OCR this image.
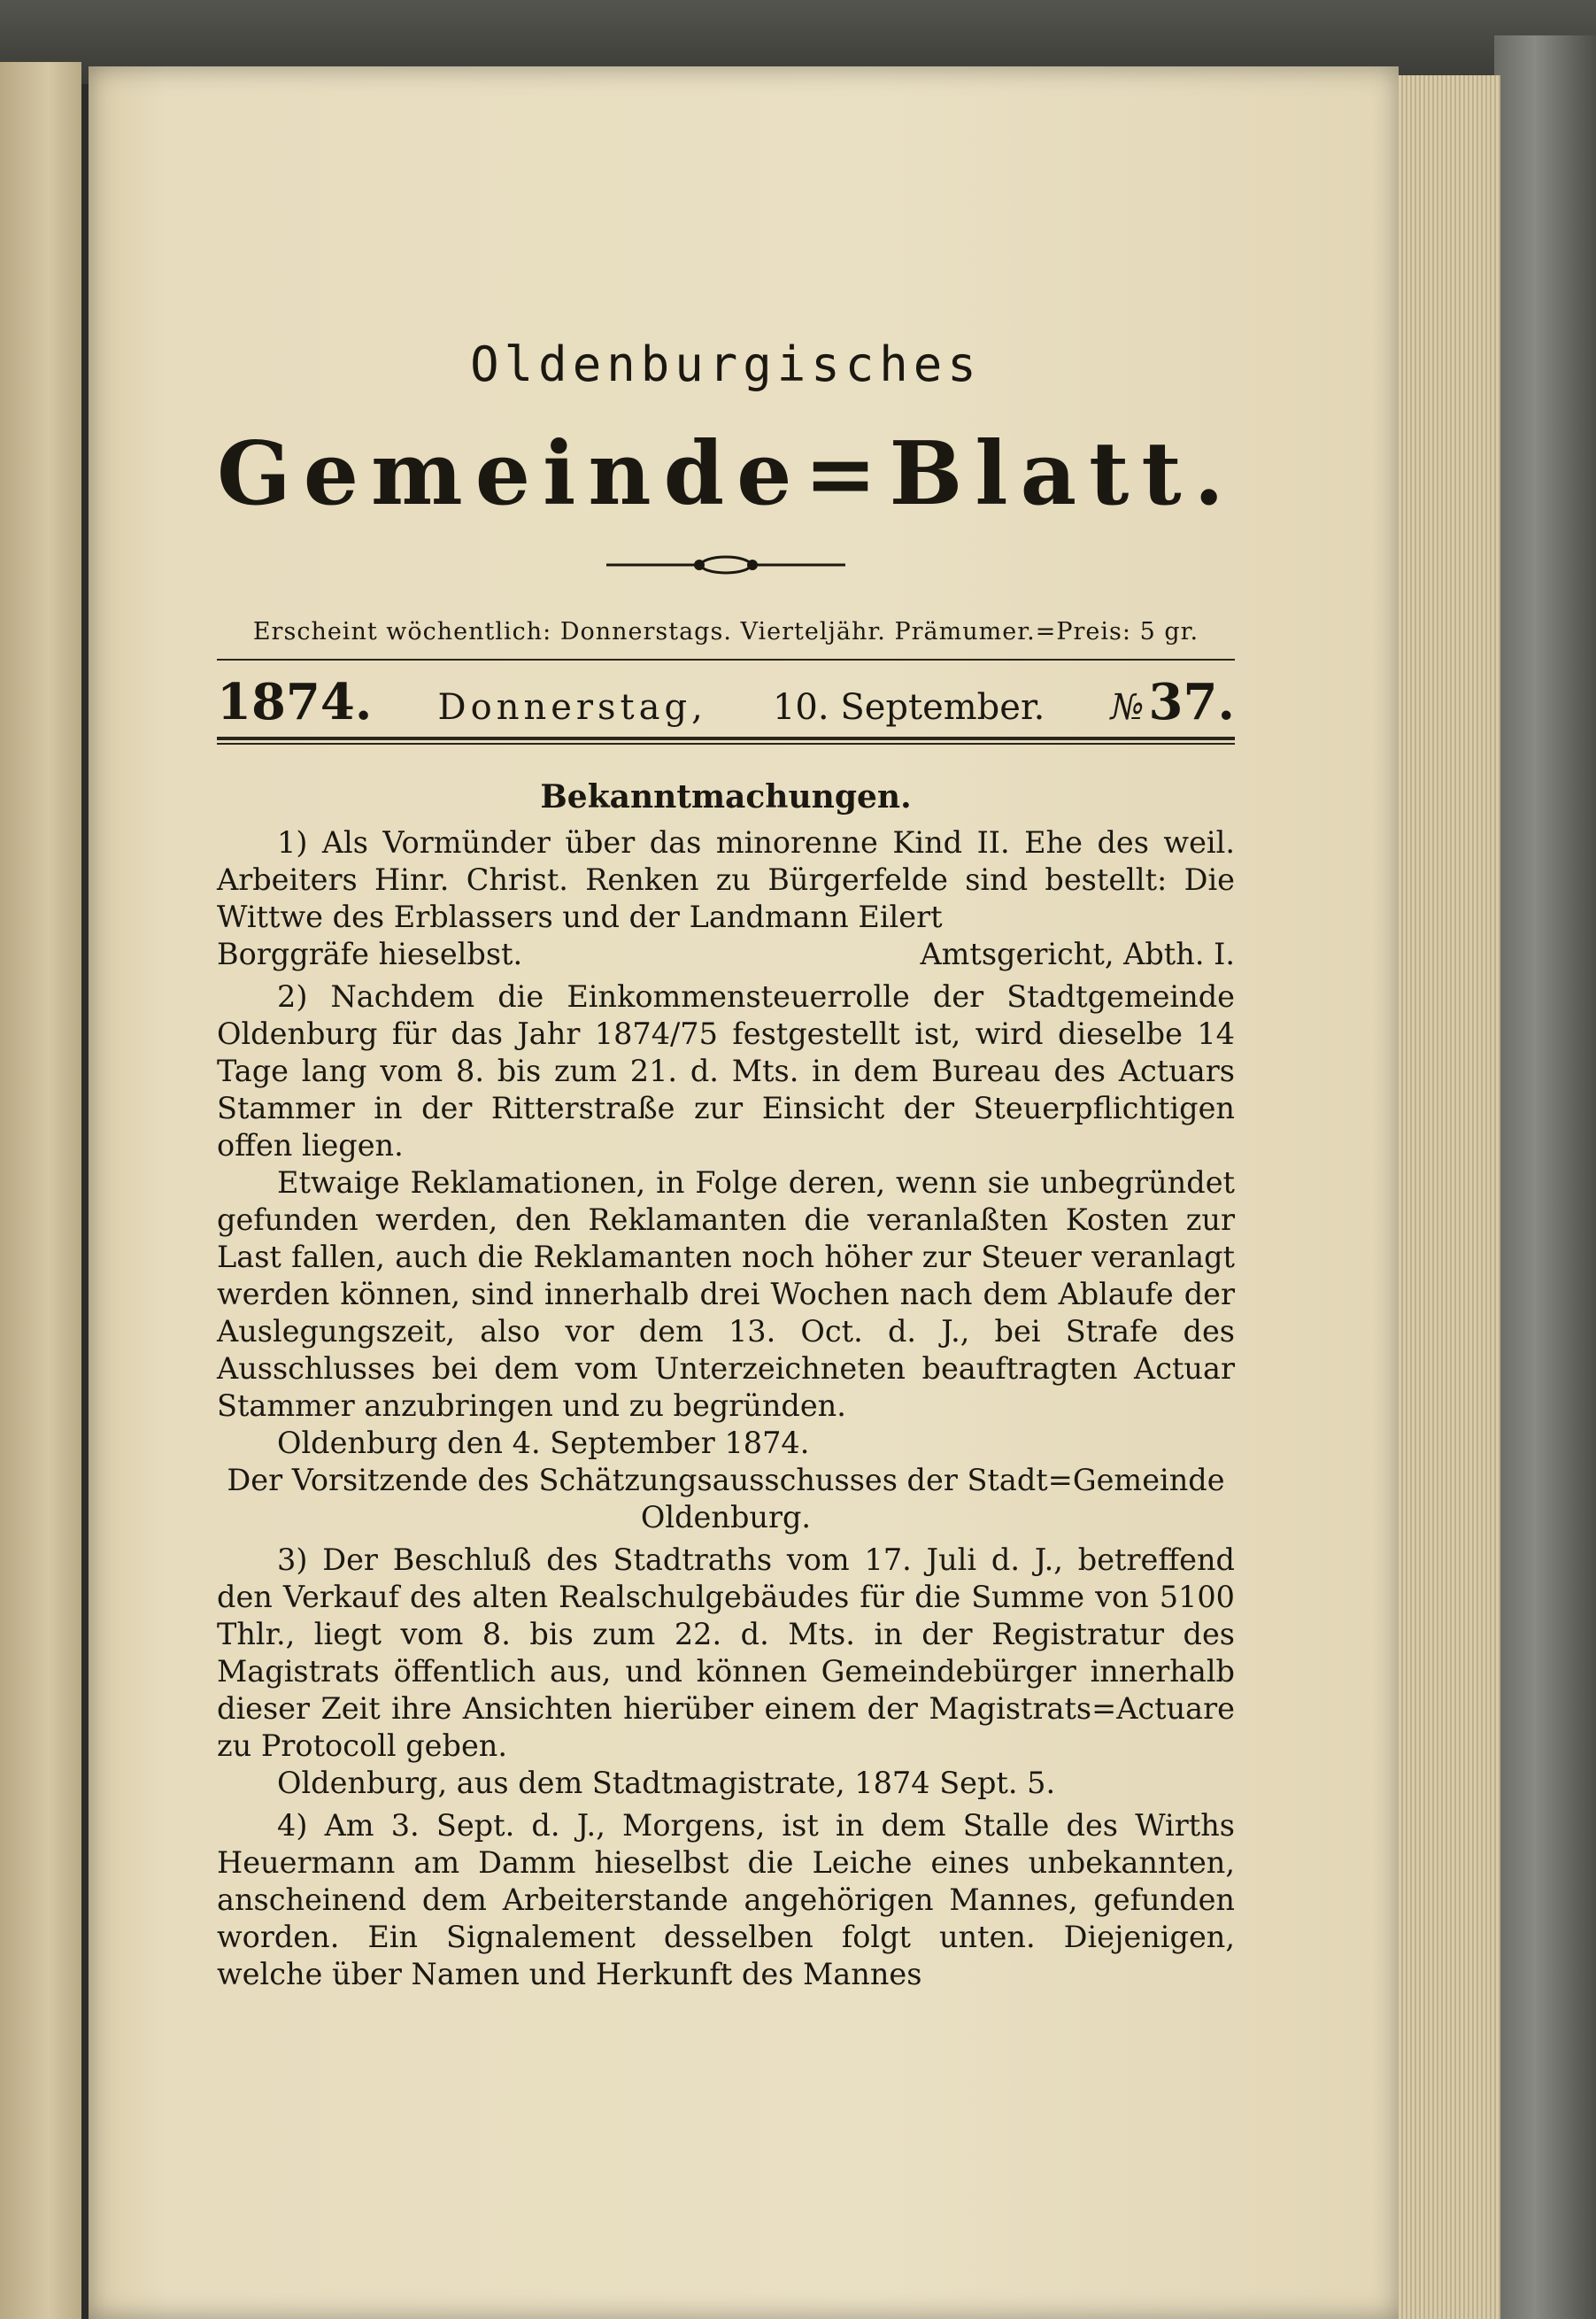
Oldenburgisches
Gemeinde=Blatt.
Erscheint wöchentlich: Donnerstags. Vierteljähr. Prämumer.=Preis: 5 gr.
1874. Donnerstag, 10. September. № 37.
Bekanntmachungen.

1) Als Vormünder über das minorenne Kind II. Ehe des weil. Arbeiters Hinr. Christ. Renken zu Bürgerfelde sind bestellt: Die Wittwe des Erblassers und der Landmann Eilert

Borggräfe hieselbst.	Amtsgericht, Abth. I.

2) Nachdem die Einkommensteuerrolle der Stadtgemeinde Oldenburg für das Jahr 1874/75 festgestellt ist, wird dieselbe 14 Tage lang vom 8. bis zum 21. d. Mts. in dem Bureau des Actuars Stammer in der Ritterstraße zur Einsicht der Steuerpflichtigen offen liegen.

Etwaige Reklamationen, in Folge deren, wenn sie unbegründet gefunden werden, den Reklamanten die veranlaßten Kosten zur Last fallen, auch die Reklamanten noch höher zur Steuer veranlagt werden können, sind innerhalb drei Wochen nach dem Ablaufe der Auslegungszeit, also vor dem 13. Oct. d. J., bei Strafe des Ausschlusses bei dem vom Unterzeichneten beauftragten Actuar Stammer anzubringen und zu begründen.

Oldenburg den 4. September 1874.

Der Vorsitzende des Schätzungsausschusses der Stadt=Gemeinde Oldenburg.

3) Der Beschluß des Stadtraths vom 17. Juli d. J., betreffend den Verkauf des alten Realschulgebäudes für die Summe von 5100 Thlr., liegt vom 8. bis zum 22. d. Mts. in der Registratur des Magistrats öffentlich aus, und können Gemeindebürger innerhalb dieser Zeit ihre Ansichten hierüber einem der Magistrats=Actuare zu Protocoll geben.

Oldenburg, aus dem Stadtmagistrate, 1874 Sept. 5.

4) Am 3. Sept. d. J., Morgens, ist in dem Stalle des Wirths Heuermann am Damm hieselbst die Leiche eines unbekannten, anscheinend dem Arbeiterstande angehörigen Mannes, gefunden worden. Ein Signalement desselben folgt unten. Diejenigen, welche über Namen und Herkunft des Mannes
